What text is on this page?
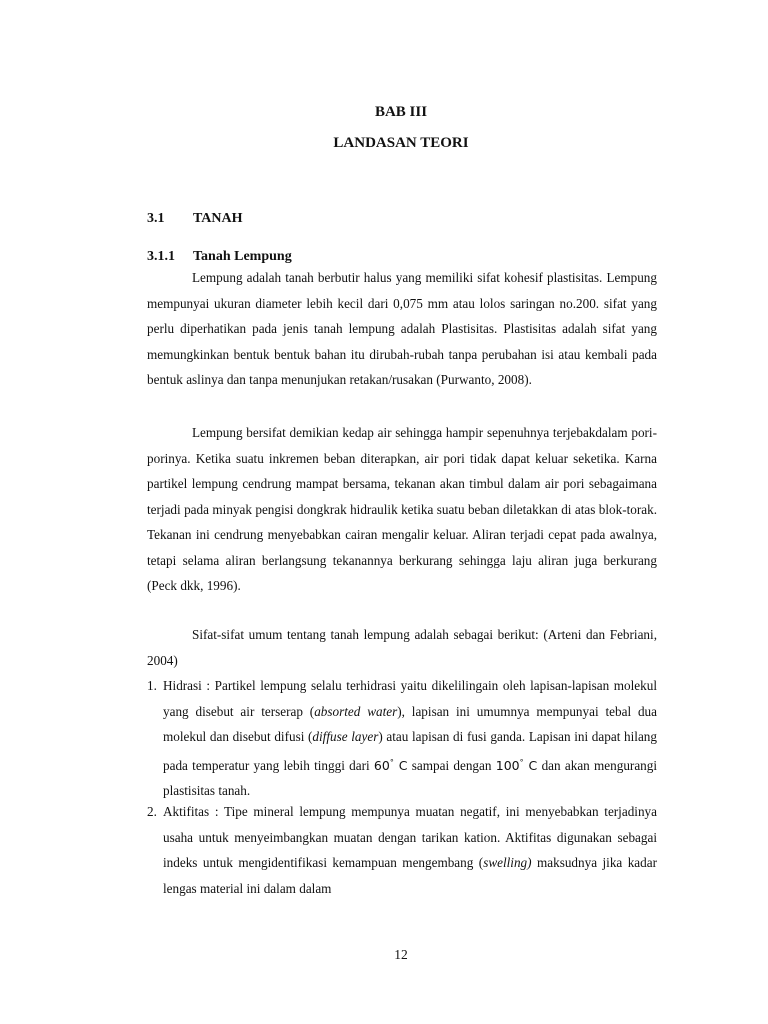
BAB III
LANDASAN TEORI
3.1 TANAH
3.1.1 Tanah Lempung

Lempung adalah tanah berbutir halus yang memiliki sifat kohesif plastisitas. Lempung mempunyai ukuran diameter lebih kecil dari 0,075 mm atau lolos saringan no.200. sifat yang perlu diperhatikan pada jenis tanah lempung adalah Plastisitas. Plastisitas adalah sifat yang memungkinkan bentuk bentuk bahan itu dirubah-rubah tanpa perubahan isi atau kembali pada bentuk aslinya dan tanpa menunjukan retakan/rusakan (Purwanto, 2008).

Lempung bersifat demikian kedap air sehingga hampir sepenuhnya terjebakdalam pori-porinya. Ketika suatu inkremen beban diterapkan, air pori tidak dapat keluar seketika. Karna partikel lempung cendrung mampat bersama, tekanan akan timbul dalam air pori sebagaimana terjadi pada minyak pengisi dongkrak hidraulik ketika suatu beban diletakkan di atas blok-torak. Tekanan ini cendrung menyebabkan cairan mengalir keluar. Aliran terjadi cepat pada awalnya, tetapi selama aliran berlangsung tekanannya berkurang sehingga laju aliran juga berkurang (Peck dkk, 1996).

Sifat-sifat umum tentang tanah lempung adalah sebagai berikut: (Arteni dan Febriani, 2004)

1. Hidrasi : Partikel lempung selalu terhidrasi yaitu dikelilingain oleh lapisan-lapisan molekul yang disebut air terserap (absorted water), lapisan ini umumnya mempunyai tebal dua molekul dan disebut difusi (diffuse layer) atau lapisan di fusi ganda. Lapisan ini dapat hilang pada temperatur yang lebih tinggi dari 60° C sampai dengan 100° C dan akan mengurangi plastisitas tanah.
2. Aktifitas : Tipe mineral lempung mempunya muatan negatif, ini menyebabkan terjadinya usaha untuk menyeimbangkan muatan dengan tarikan kation. Aktifitas digunakan sebagai indeks untuk mengidentifikasi kemampuan mengembang (swelling) maksudnya jika kadar lengas material ini dalam dalam
12
